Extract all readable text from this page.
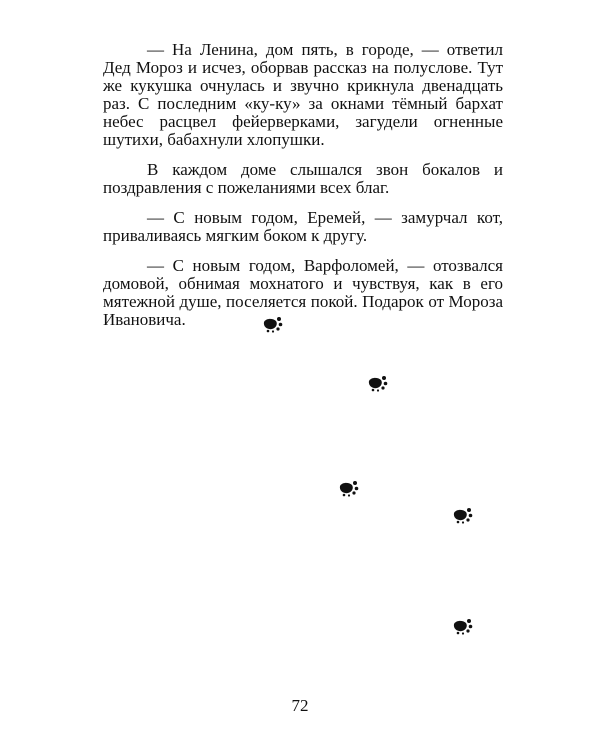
— На Ленина, дом пять, в городе, — ответил Дед Мороз и исчез, оборвав рассказ на полуслове. Тут же кукушка очнулась и звучно крикнула двенадцать раз. С последним «ку-ку» за окнами тёмный бархат небес расцвел фейерверками, загудели огненные шутихи, бабахнули хлопушки.

В каждом доме слышался звон бокалов и поздравления с пожеланиями всех благ.

— С новым годом, Еремей, — замурчал кот, приваливаясь мягким боком к другу.

— С новым годом, Варфоломей, — отозвался домовой, обнимая мохнатого и чувствуя, как в его мятежной душе, поселяется покой. Подарок от Мороза Ивановича.

72
